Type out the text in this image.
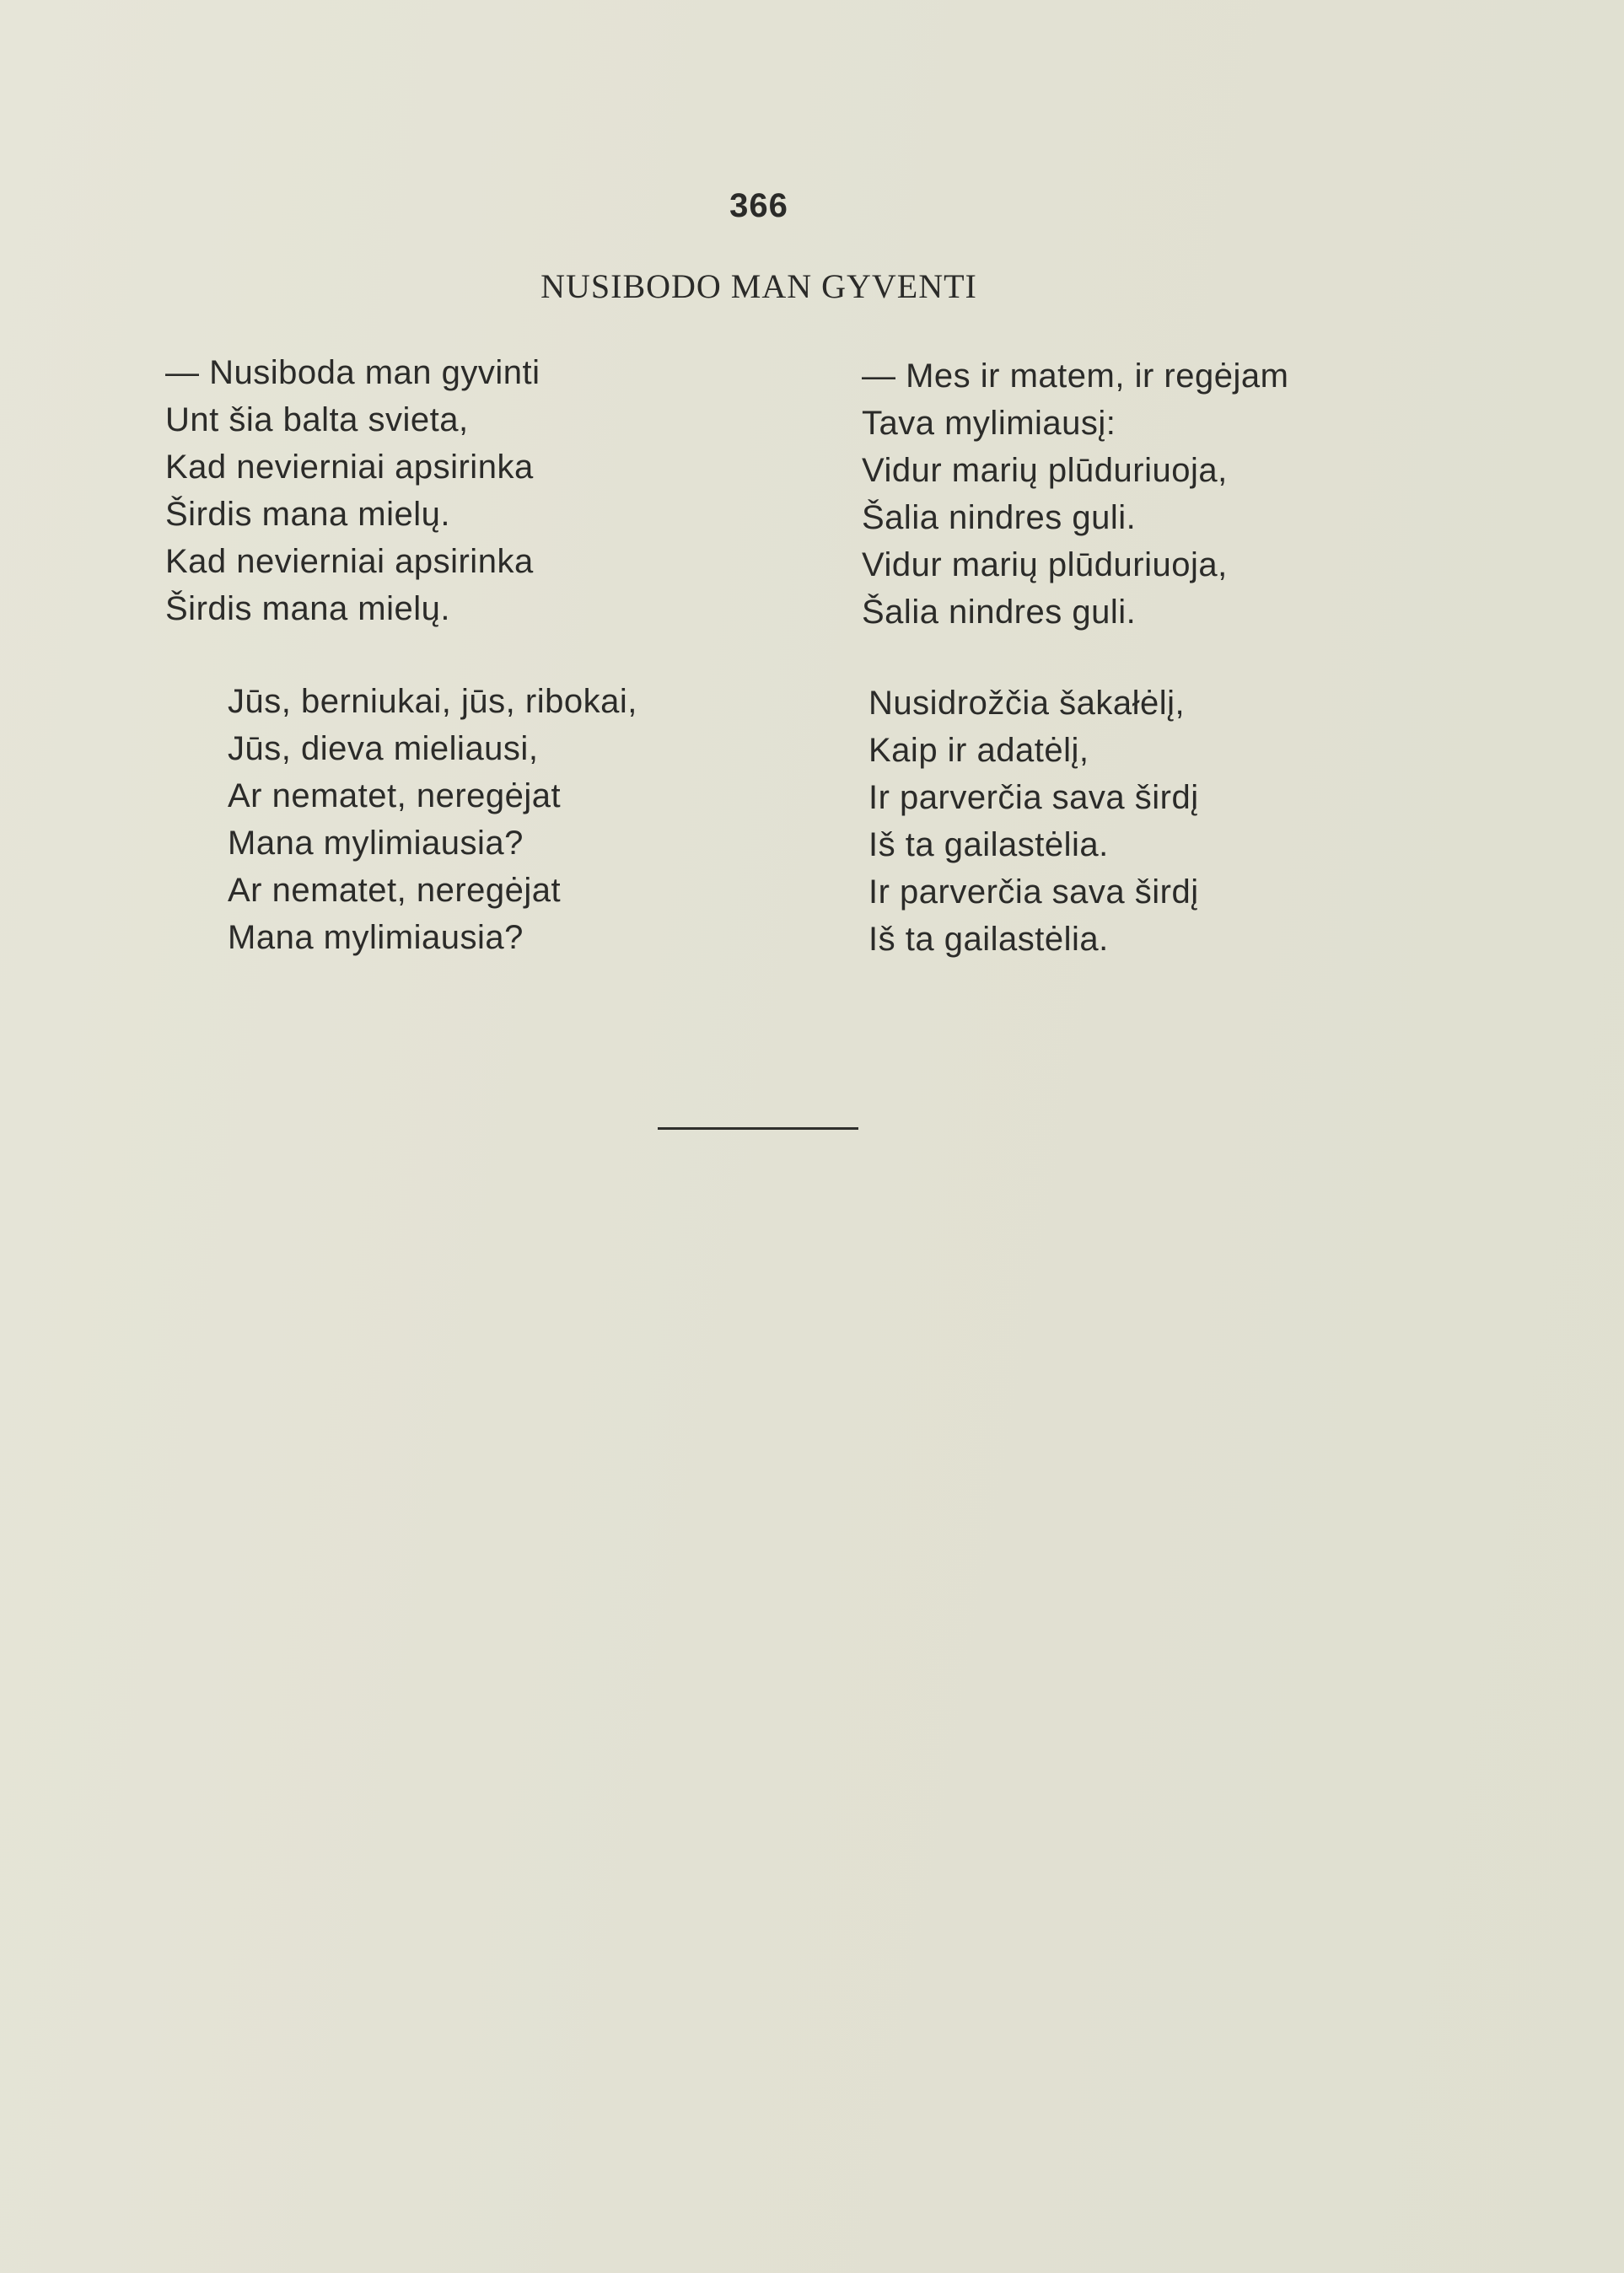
366
NUSIBODO MAN GYVENTI
— Nusiboda man gyvinti
Unt šia balta svieta,
Kad nevierniai apsirinka
Širdis mana mielų.
Kad nevierniai apsirinka
Širdis mana mielų.
Jūs, berniukai, jūs, ribokai,
Jūs, dieva mieliausi,
Ar nematet, neregėjat
Mana mylimiausia?
Ar nematet, neregėjat
Mana mylimiausia?
— Mes ir matem, ir regėjam
Tava mylimiausį:
Vidur marių plūduriuoja,
Šalia nindres guli.
Vidur marių plūduriuoja,
Šalia nindres guli.
Nusidrožčia šakałėlį,
Kaip ir adatėlį,
Ir parverčia sava širdį
Iš ta gailastėlia.
Ir parverčia sava širdį
Iš ta gailastėlia.
